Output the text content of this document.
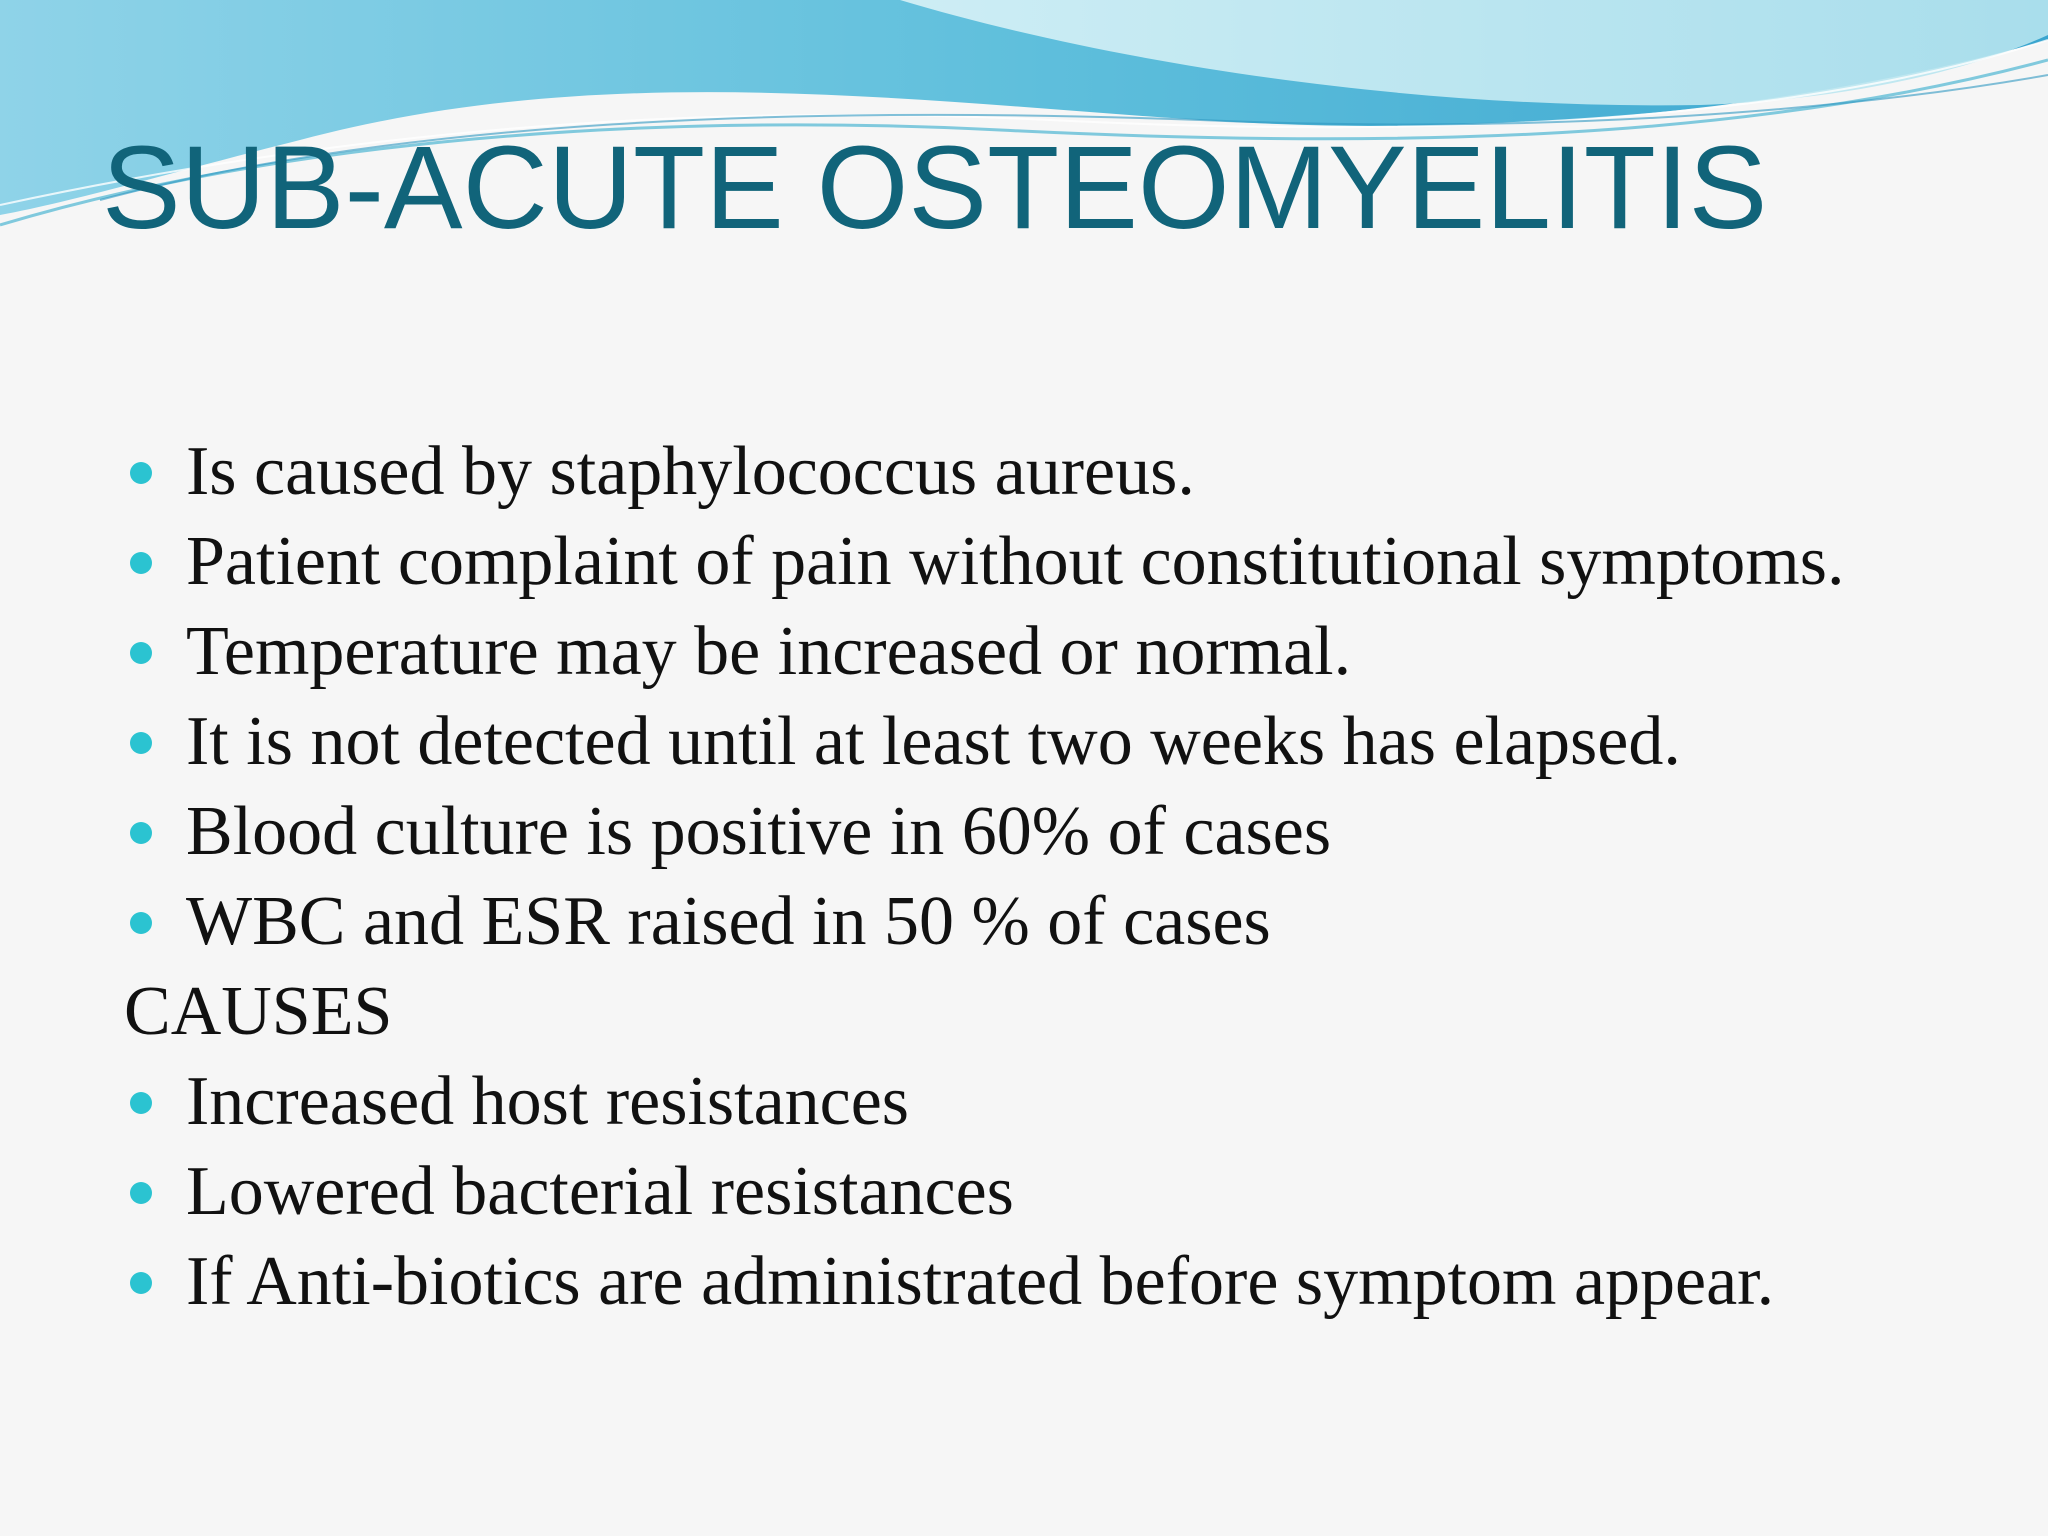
SUB-ACUTE OSTEOMYELITIS
Is caused by staphylococcus aureus.
Patient complaint of pain without constitutional symptoms.
Temperature may be increased or normal.
It is not detected until at least two weeks has elapsed.
Blood culture is positive in 60% of cases
WBC and ESR raised in 50 % of cases
CAUSES
Increased host resistances
Lowered bacterial resistances
If Anti-biotics are administrated before symptom appear.
